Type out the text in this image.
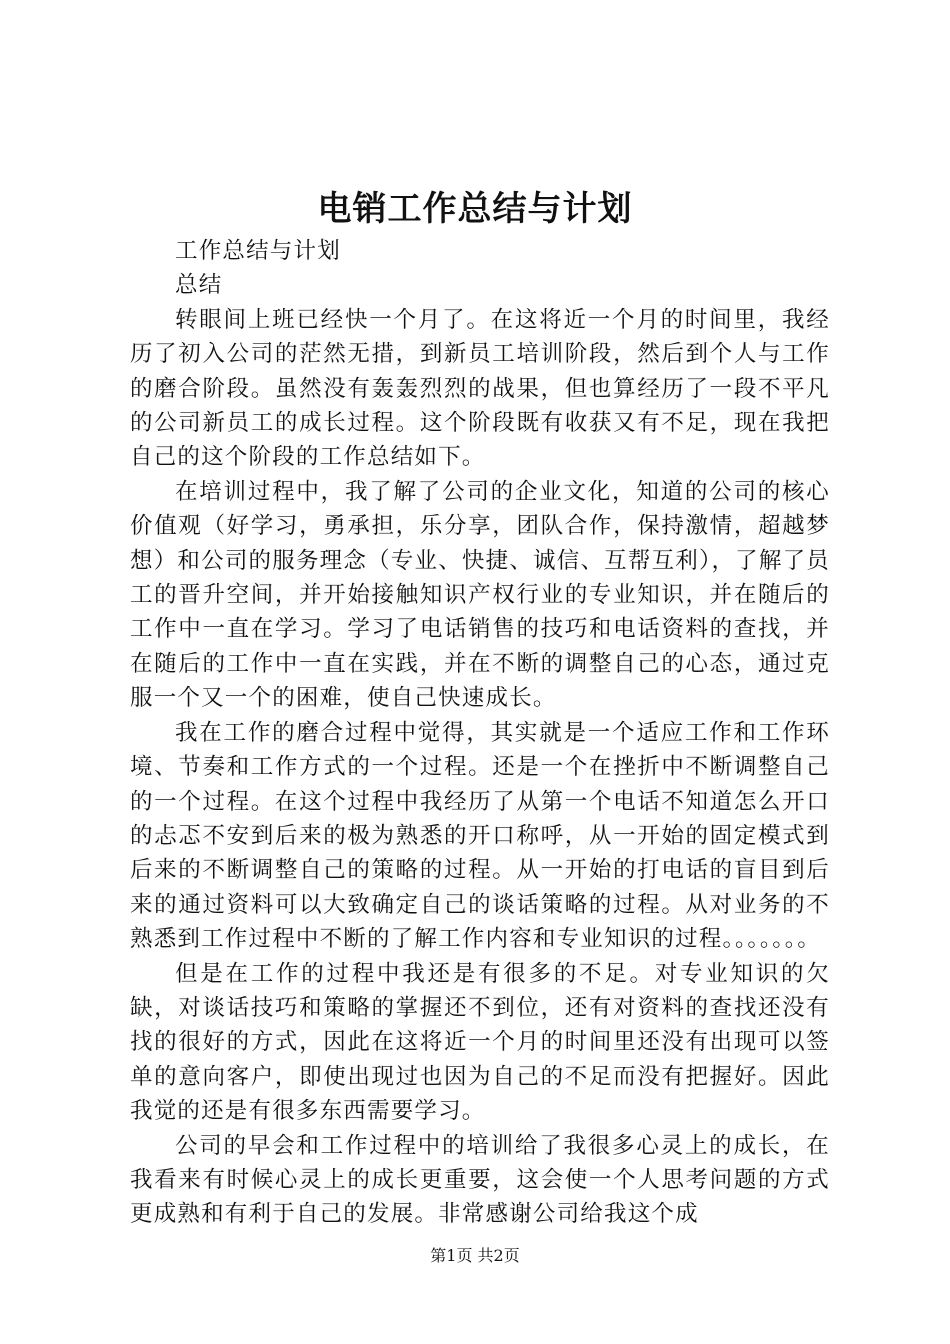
电销工作总结与计划

工作总结与计划

总结

转眼间上班已经快一个月了。在这将近一个月的时间里，我经历了初入公司的茫然无措，到新员工培训阶段，然后到个人与工作的磨合阶段。虽然没有轰轰烈烈的战果，但也算经历了一段不平凡的公司新员工的成长过程。这个阶段既有收获又有不足，现在我把自己的这个阶段的工作总结如下。

在培训过程中，我了解了公司的企业文化，知道的公司的核心价值观（好学习，勇承担，乐分享，团队合作，保持激情，超越梦想）和公司的服务理念（专业、快捷、诚信、互帮互利），了解了员工的晋升空间，并开始接触知识产权行业的专业知识，并在随后的工作中一直在学习。学习了电话销售的技巧和电话资料的查找，并在随后的工作中一直在实践，并在不断的调整自己的心态，通过克服一个又一个的困难，使自己快速成长。

我在工作的磨合过程中觉得，其实就是一个适应工作和工作环境、节奏和工作方式的一个过程。还是一个在挫折中不断调整自己的一个过程。在这个过程中我经历了从第一个电话不知道怎么开口的忐忑不安到后来的极为熟悉的开口称呼，从一开始的固定模式到后来的不断调整自己的策略的过程。从一开始的打电话的盲目到后来的通过资料可以大致确定自己的谈话策略的过程。从对业务的不熟悉到工作过程中不断的了解工作内容和专业知识的过程。。。。。。。

但是在工作的过程中我还是有很多的不足。对专业知识的欠缺，对谈话技巧和策略的掌握还不到位，还有对资料的查找还没有找的很好的方式，因此在这将近一个月的时间里还没有出现可以签单的意向客户，即使出现过也因为自己的不足而没有把握好。因此我觉的还是有很多东西需要学习。

公司的早会和工作过程中的培训给了我很多心灵上的成长，在我看来有时候心灵上的成长更重要，这会使一个人思考问题的方式更成熟和有利于自己的发展。非常感谢公司给我这个成

第1页 共2页
